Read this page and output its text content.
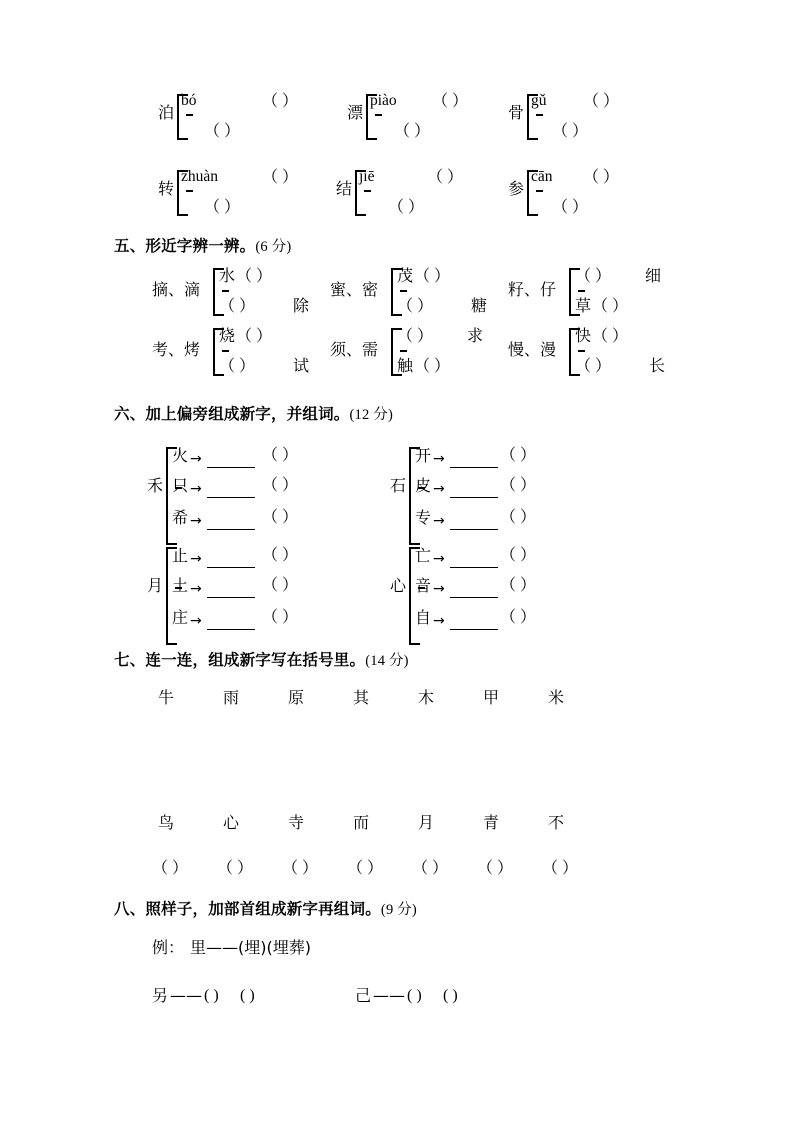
泊
bó	（ ）
（ ）
漂
piào （ ）
（ ）
骨
gǔ （ ）
（ ）
转
zhuàn	（ ）
（ ）
结
jiē	（ ）
（ ）
参
cān （ ）
（ ）
五、形近字辨一辨。(6 分)
摘、滴
水 （ ）
（ ） 除
蜜、密
茂 （ ）
（ ） 糖
籽、仔
（ ） 细
草 （ ）
考、烤
烧 （ ）
（ ） 试
须、需
（ ） 求
触 （ ）
慢、漫
快 （ ）
（ ） 长
六、加上偏旁组成新字，并组词。(12 分)
禾
火 →	（ ）
只 →	（ ）
希 →	（ ）
石
开 →	（ ）
皮 →	（ ）
专 →	（ ）
月
止 →	（ ）
土 →	（ ）
庄 →	（ ）
心
亡 →	（ ）
音 →	（ ）
自 →	（ ）
七、连一连，组成新字写在括号里。(14 分)
牛	雨	原	其	木	甲	米
鸟	心	寺	而	月	青	不
（ ） （ ） （ ） （ ） （ ） （ ） （ ）
八、照样子，加部首组成新字再组词。(9 分)
例： 里——(埋)(埋葬)
另 —— ( ) ( )	己 —— ( ) ( )
